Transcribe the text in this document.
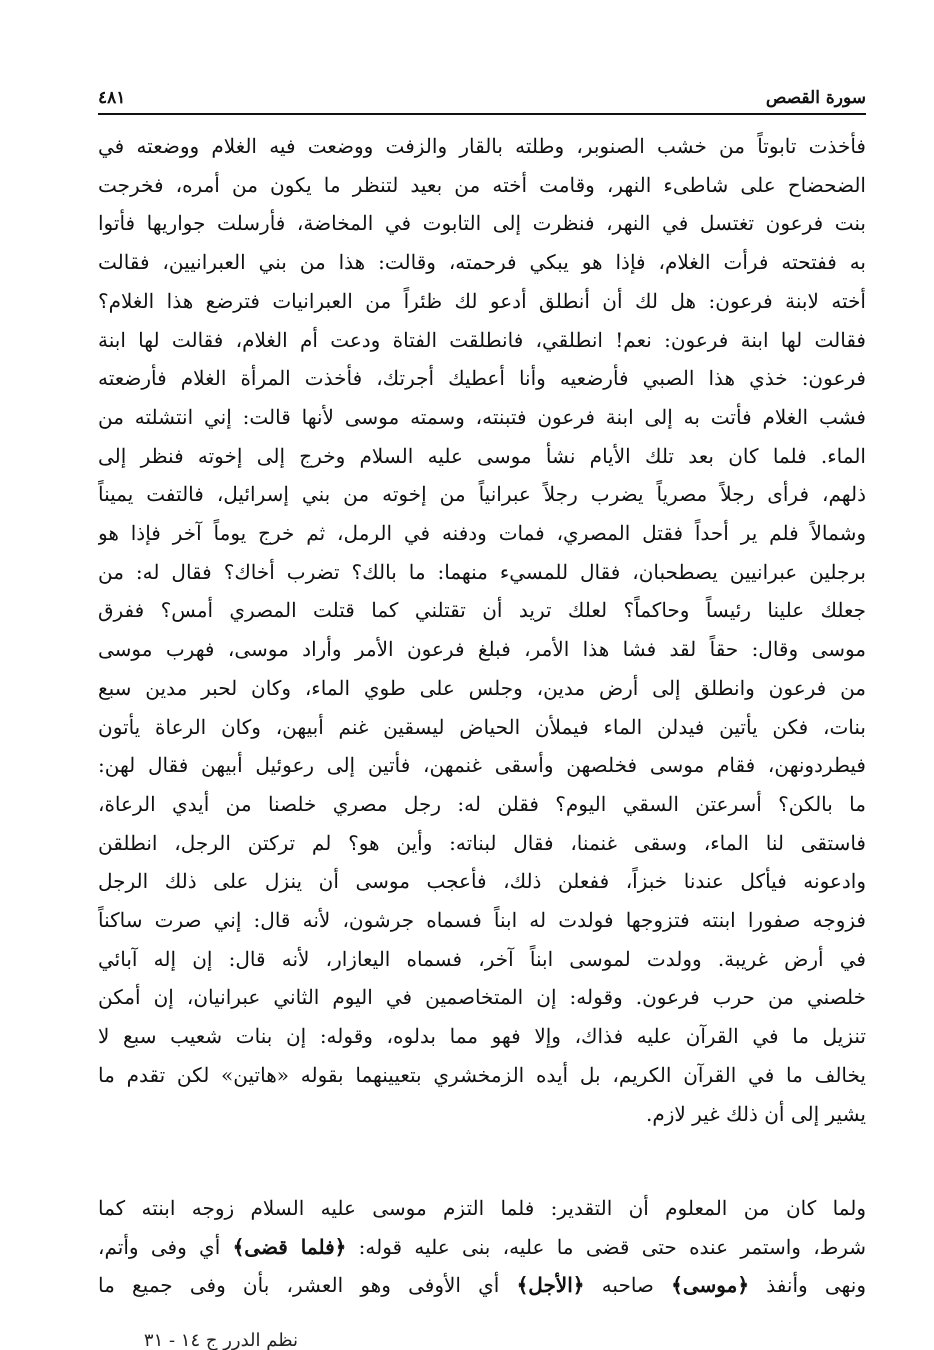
سورة القصص
٤٨١
فأخذت تابوتاً من خشب الصنوبر، وطلته بالقار والزفت ووضعت فيه الغلام ووضعته في
الضحضاح على شاطىء النهر، وقامت أخته من بعيد لتنظر ما يكون من أمره، فخرجت
بنت فرعون تغتسل في النهر، فنظرت إلى التابوت في المخاضة، فأرسلت جواريها فأتوا
به ففتحته فرأت الغلام، فإذا هو يبكي فرحمته، وقالت: هذا من بني العبرانيين، فقالت
أخته لابنة فرعون: هل لك أن أنطلق أدعو لك ظئراً من العبرانيات فترضع هذا الغلام؟
فقالت لها ابنة فرعون: نعم! انطلقي، فانطلقت الفتاة ودعت أم الغلام، فقالت لها ابنة
فرعون: خذي هذا الصبي فأرضعيه وأنا أعطيك أجرتك، فأخذت المرأة الغلام فأرضعته
فشب الغلام فأتت به إلى ابنة فرعون فتبنته، وسمته موسى لأنها قالت: إني انتشلته من
الماء. فلما كان بعد تلك الأيام نشأ موسى عليه السلام وخرج إلى إخوته فنظر إلى
ذلهم، فرأى رجلاً مصرياً يضرب رجلاً عبرانياً من إخوته من بني إسرائيل، فالتفت يميناً
وشمالاً فلم ير أحداً فقتل المصري، فمات ودفنه في الرمل، ثم خرج يوماً آخر فإذا هو
برجلين عبرانيين يصطحبان، فقال للمسيء منهما: ما بالك؟ تضرب أخاك؟ فقال له: من
جعلك علينا رئيساً وحاكماً؟ لعلك تريد أن تقتلني كما قتلت المصري أمس؟ ففرق
موسى وقال: حقاً لقد فشا هذا الأمر، فبلغ فرعون الأمر وأراد موسى، فهرب موسى
من فرعون وانطلق إلى أرض مدين، وجلس على طوي الماء، وكان لحبر مدين سبع
بنات، فكن يأتين فيدلن الماء فيملأن الحياض ليسقين غنم أبيهن، وكان الرعاة يأتون
فيطردونهن، فقام موسى فخلصهن وأسقى غنمهن، فأتين إلى رعوئيل أبيهن فقال لهن:
ما بالكن؟ أسرعتن السقي اليوم؟ فقلن له: رجل مصري خلصنا من أيدي الرعاة،
فاستقى لنا الماء، وسقى غنمنا، فقال لبناته: وأين هو؟ لم تركتن الرجل، انطلقن
وادعونه فيأكل عندنا خبزاً، ففعلن ذلك، فأعجب موسى أن ينزل على ذلك الرجل
فزوجه صفورا ابنته فتزوجها فولدت له ابناً فسماه جرشون، لأنه قال: إني صرت ساكناً
في أرض غريبة. وولدت لموسى ابناً آخر، فسماه اليعازار، لأنه قال: إن إله آبائي
خلصني من حرب فرعون. وقوله: إن المتخاصمين في اليوم الثاني عبرانيان، إن أمكن
تنزيل ما في القرآن عليه فذاك، وإلا فهو مما بدلوه، وقوله: إن بنات شعيب سبع لا
يخالف ما في القرآن الكريم، بل أيده الزمخشري بتعيينهما بقوله «هاتين» لكن تقدم ما
يشير إلى أن ذلك غير لازم.
ولما كان من المعلوم أن التقدير: فلما التزم موسى عليه السلام زوجه ابنته كما
شرط، واستمر عنده حتى قضى ما عليه، بنى عليه قوله: ﴿فلما قضى﴾ أي وفى وأتم،
ونهى وأنفذ ﴿موسى﴾ صاحبه ﴿الأجل﴾ أي الأوفى وهو العشر، بأن وفى جميع ما
نظم الدرر ج ١٤ - ٣١
